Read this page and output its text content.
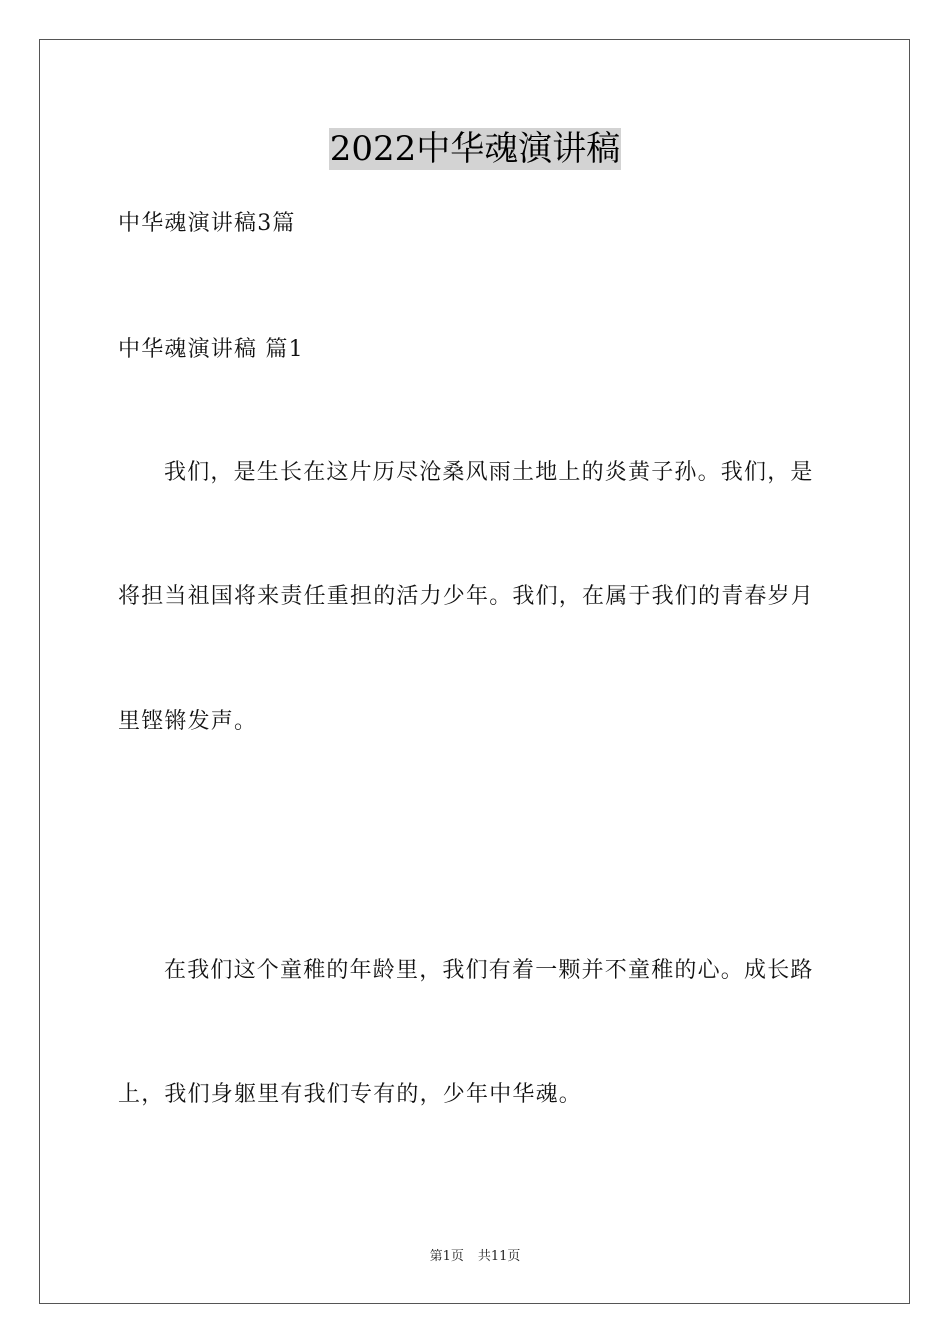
2022中华魂演讲稿
中华魂演讲稿3篇
中华魂演讲稿 篇1
我们，是生长在这片历尽沧桑风雨土地上的炎黄子孙。我们，是
将担当祖国将来责任重担的活力少年。我们，在属于我们的青春岁月
里铿锵发声。
在我们这个童稚的年龄里，我们有着一颗并不童稚的心。成长路
上，我们身躯里有我们专有的，少年中华魂。
第1页 共11页
